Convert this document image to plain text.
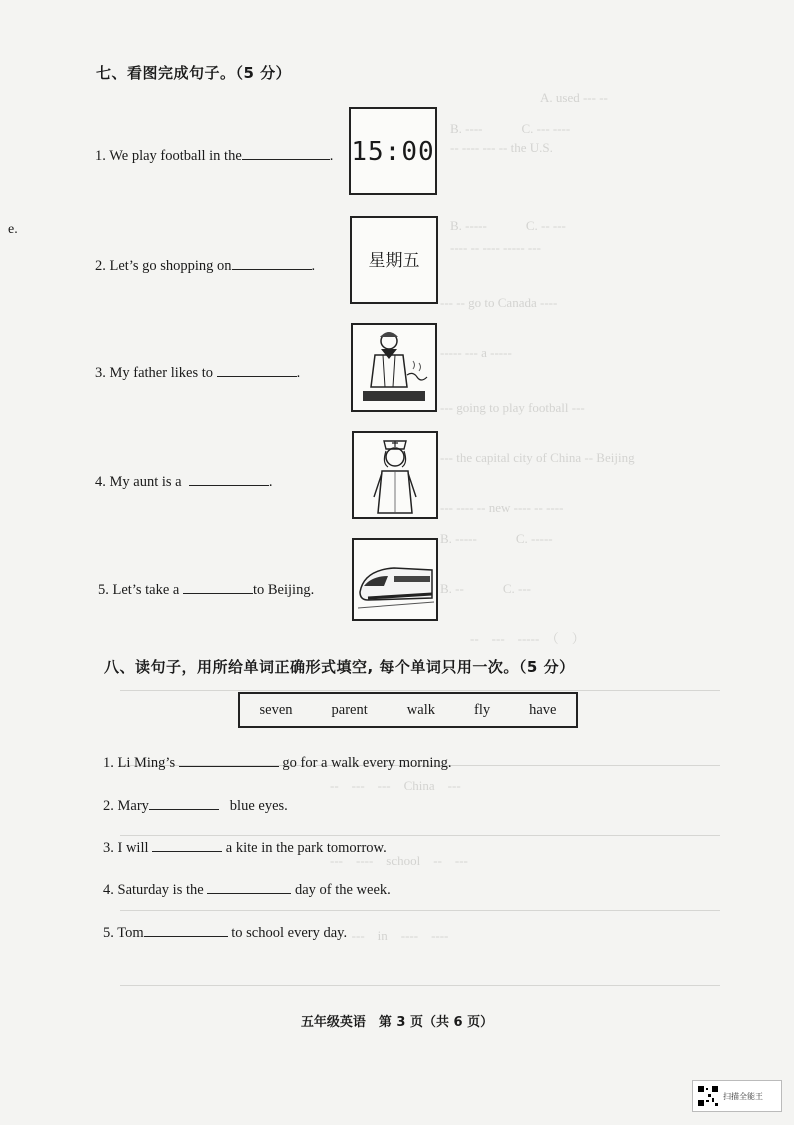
A. used ‑‑‑ ‑‑
B. ‑‑‑‑　　　C. ‑‑‑ ‑‑‑‑
‑‑ ‑‑‑‑ ‑‑‑ ‑‑ the U.S.
B. ‑‑‑‑‑　　　C. ‑‑ ‑‑‑
‑‑‑‑ ‑‑ ‑‑‑‑ ‑‑‑‑‑ ‑‑‑
‑‑‑ ‑‑ go to Canada ‑‑‑‑
‑‑‑‑‑ ‑‑‑ a ‑‑‑‑‑
‑‑‑ going to play football ‑‑‑
‑‑‑ the capital city of China ‑‑ Beijing
‑‑‑ ‑‑‑‑ ‑‑ new ‑‑‑‑ ‑‑ ‑‑‑‑
B. ‑‑‑‑‑　　　C. ‑‑‑‑‑
B. ‑‑　　　C. ‑‑‑
‑‑　‑‑‑　‑‑‑‑‑　（　）
‑‑　‑‑‑　‑‑‑　China　‑‑‑
‑‑‑　‑‑‑‑　school　‑‑　‑‑‑
‑‑　‑‑‑　in　‑‑‑‑　‑‑‑‑
e.
七、看图完成句子。（5 分）
1. We play football in the	. 15:00
2. Let’s go shopping on	.	星期五
3. My father likes to	.
4. My aunt is a	.
5. Let’s take a	to Beijing.
八、读句子，用所给单词正确形式填空, 每个单词只用一次。（5 分）
seven	parent	walk	fly	have
1. Li Ming’s	go for a walk every morning.
2. Mary	blue eyes.
3. I will	a kite in the park tomorrow.
4. Saturday is the	day of the week.
5. Tom	to school every day.
五年级英语　第 3 页（共 6 页）
扫描全能王
